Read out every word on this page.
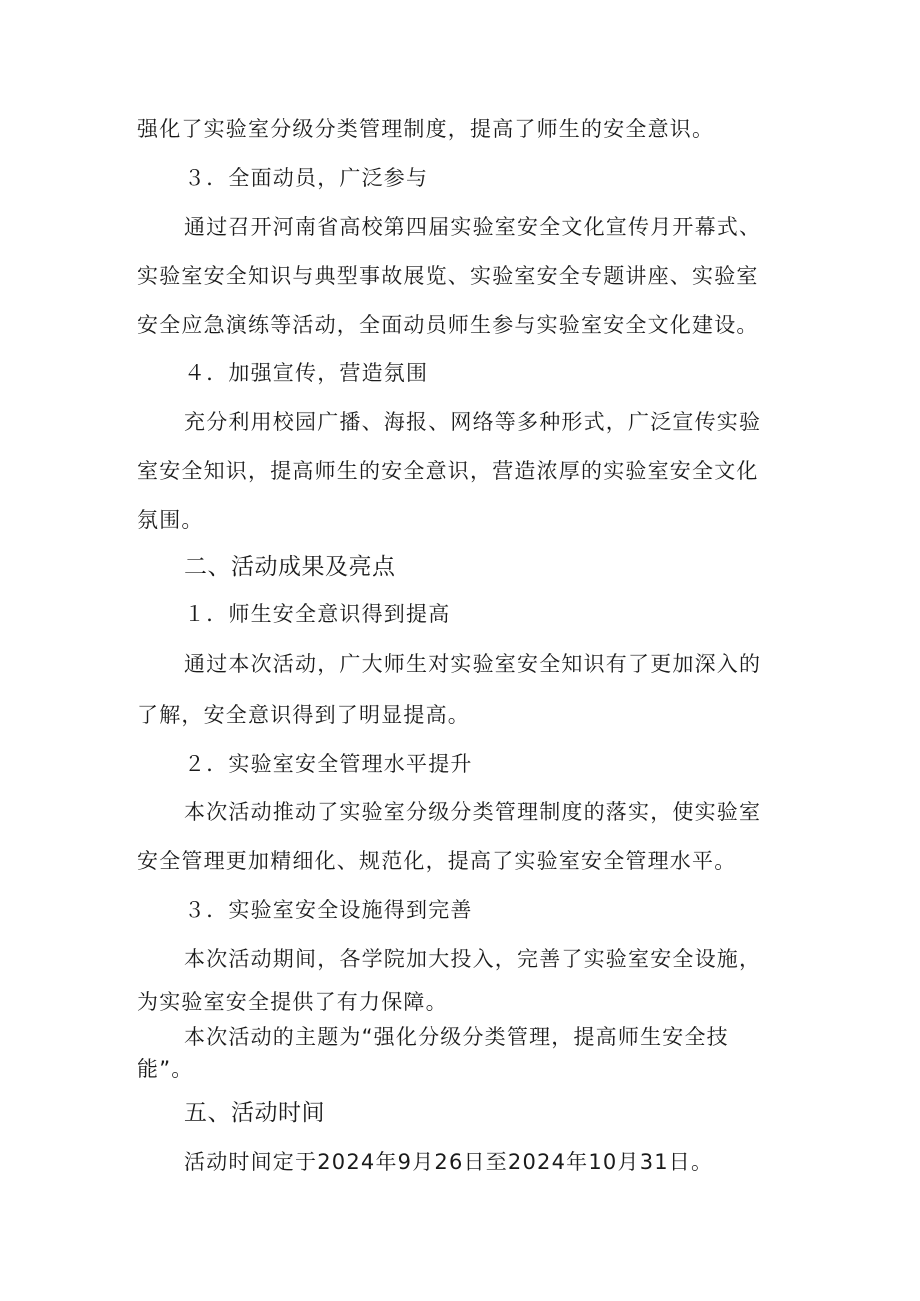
强化了实验室分级分类管理制度，提高了师生的安全意识。
３．全面动员，广泛参与
通过召开河南省高校第四届实验室安全文化宣传月开幕式、
实验室安全知识与典型事故展览、实验室安全专题讲座、实验室
安全应急演练等活动，全面动员师生参与实验室安全文化建设。
４．加强宣传，营造氛围
充分利用校园广播、海报、网络等多种形式，广泛宣传实验
室安全知识，提高师生的安全意识，营造浓厚的实验室安全文化
氛围。
二、活动成果及亮点
１．师生安全意识得到提高
通过本次活动，广大师生对实验室安全知识有了更加深入的
了解，安全意识得到了明显提高。
２．实验室安全管理水平提升
本次活动推动了实验室分级分类管理制度的落实，使实验室
安全管理更加精细化、规范化，提高了实验室安全管理水平。
３．实验室安全设施得到完善
本次活动期间，各学院加大投入，完善了实验室安全设施，
为实验室安全提供了有力保障。
本次活动的主题为“强化分级分类管理，提高师生安全技
能”。
五、活动时间
活动时间定于2024年9月26日至2024年10月31日。
